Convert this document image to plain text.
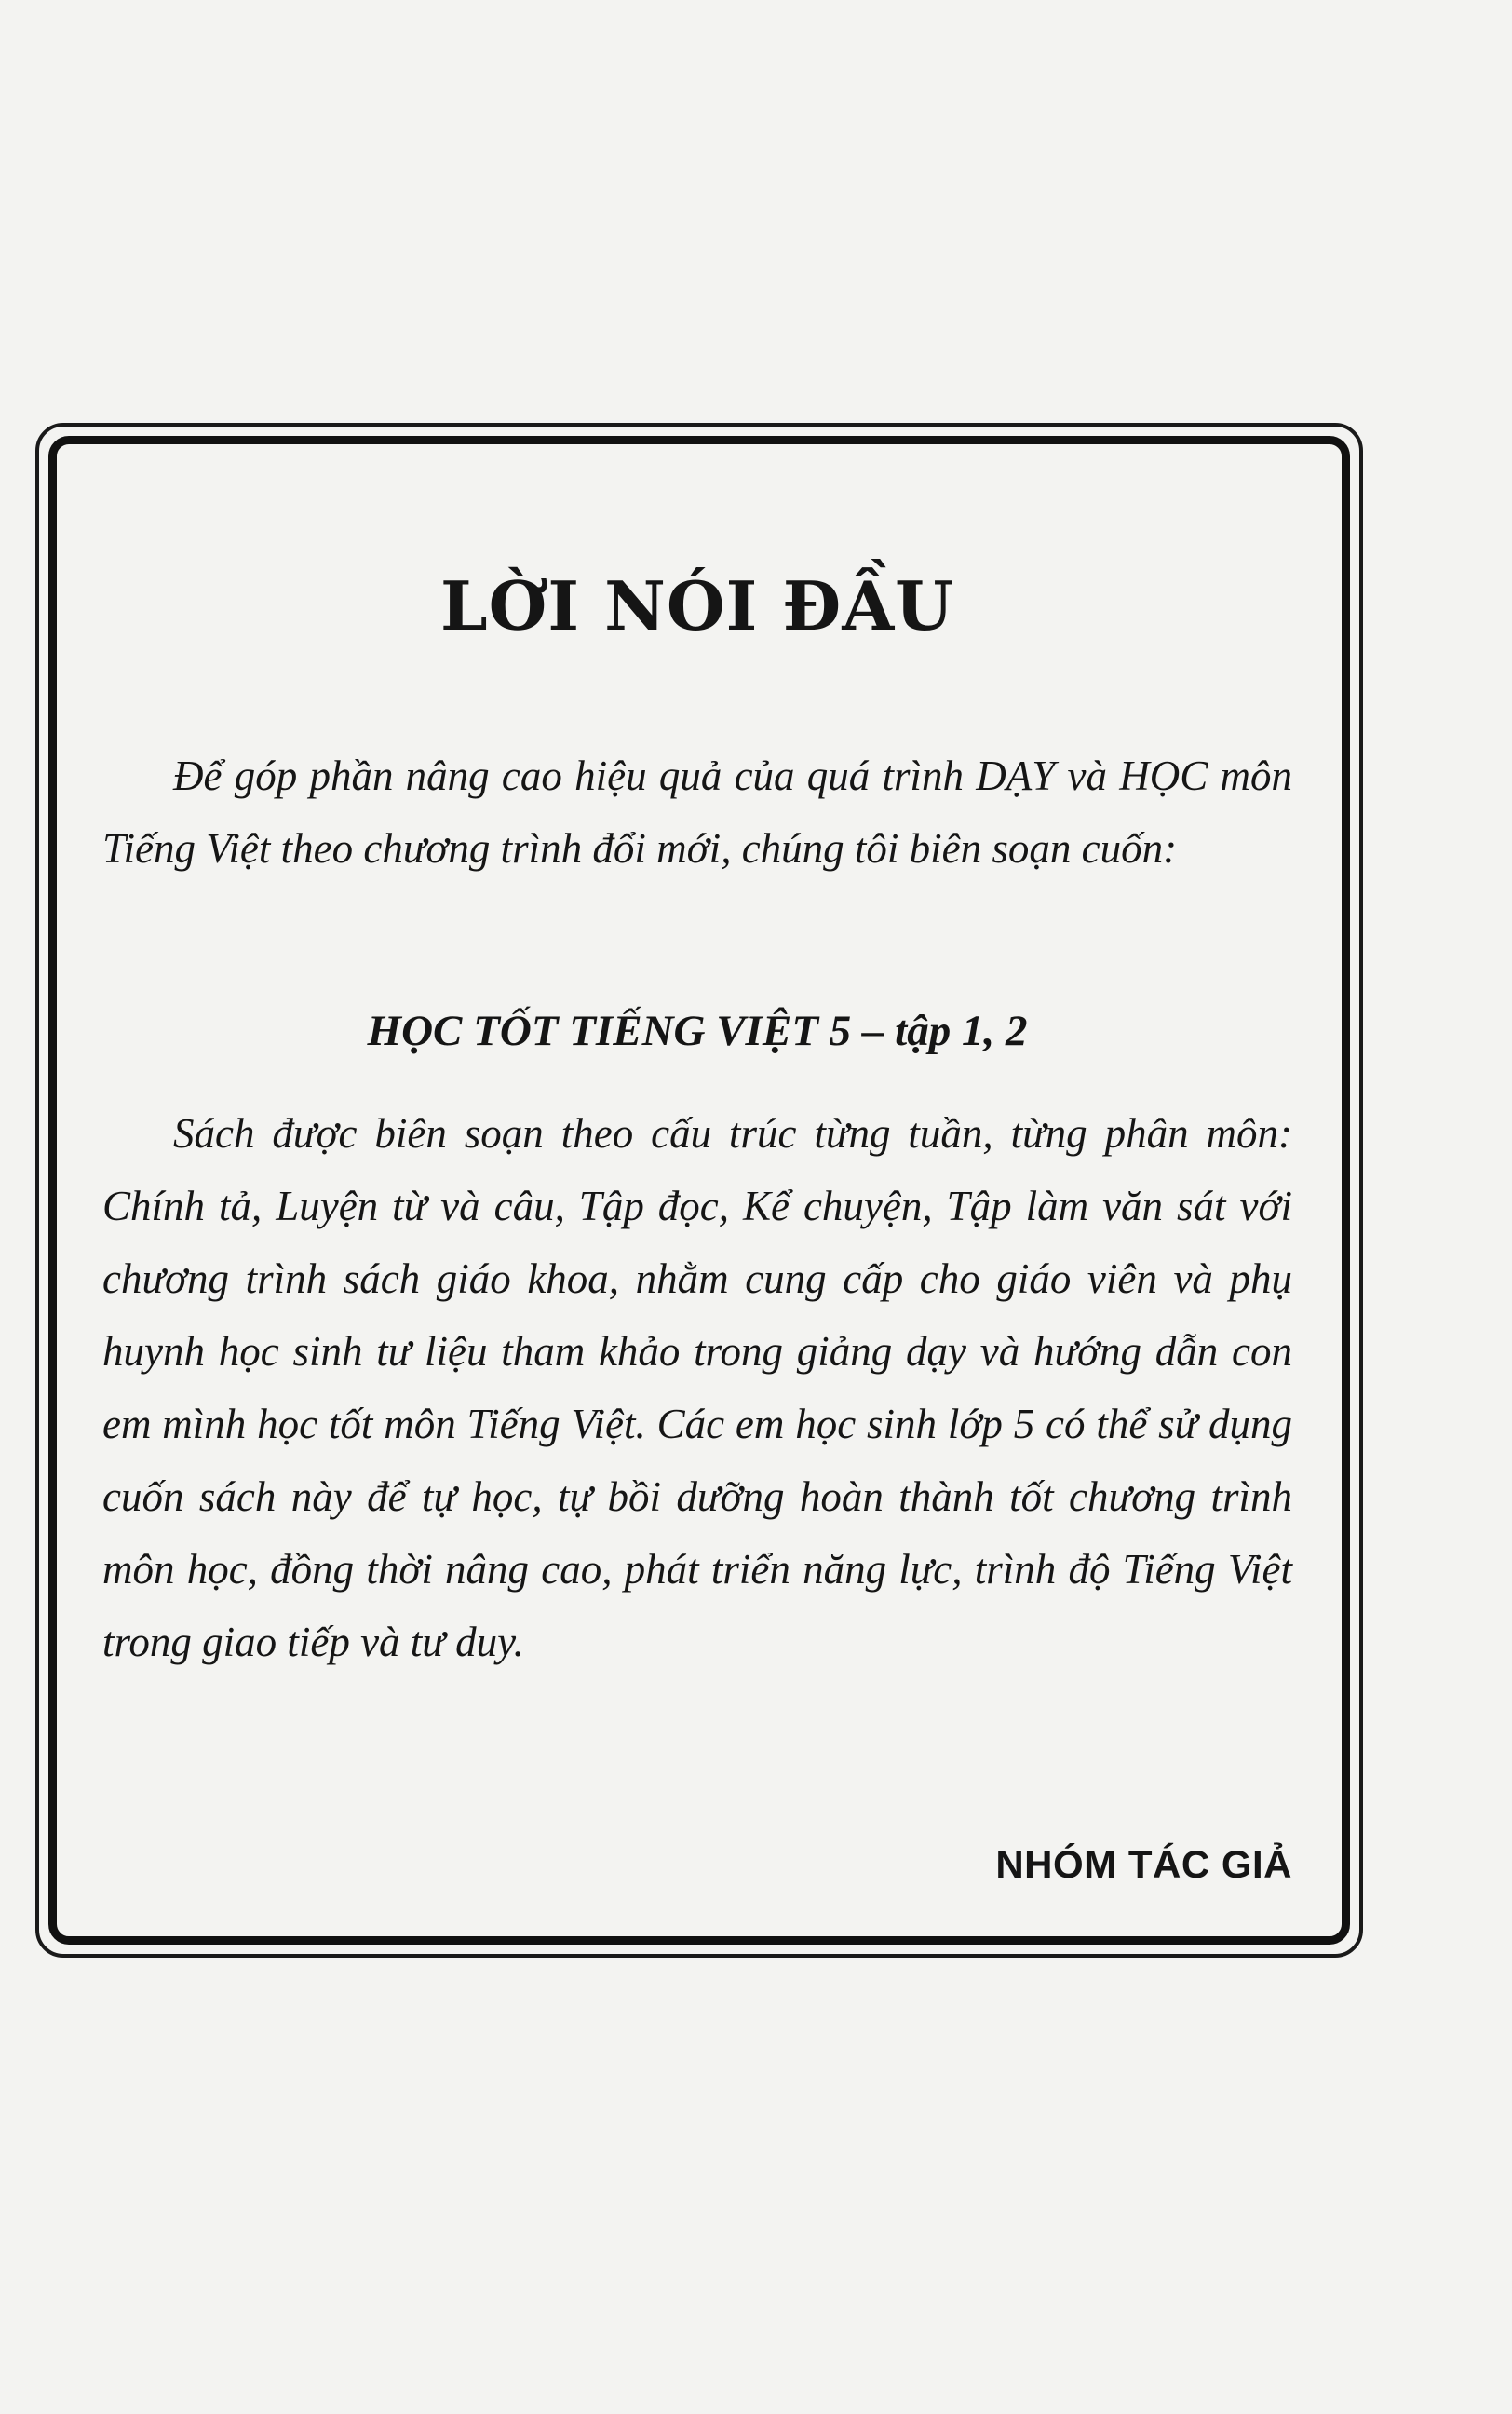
LỜI NÓI ĐẦU

Để góp phần nâng cao hiệu quả của quá trình DẠY và HỌC môn Tiếng Việt theo chương trình đổi mới, chúng tôi biên soạn cuốn:

HỌC TỐT TIẾNG VIỆT 5 – tập 1, 2

Sách được biên soạn theo cấu trúc từng tuần, từng phân môn: Chính tả, Luyện từ và câu, Tập đọc, Kể chuyện, Tập làm văn sát với chương trình sách giáo khoa, nhằm cung cấp cho giáo viên và phụ huynh học sinh tư liệu tham khảo trong giảng dạy và hướng dẫn con em mình học tốt môn Tiếng Việt. Các em học sinh lớp 5 có thể sử dụng cuốn sách này để tự học, tự bồi dưỡng hoàn thành tốt chương trình môn học, đồng thời nâng cao, phát triển năng lực, trình độ Tiếng Việt trong giao tiếp và tư duy.

NHÓM TÁC GIẢ
